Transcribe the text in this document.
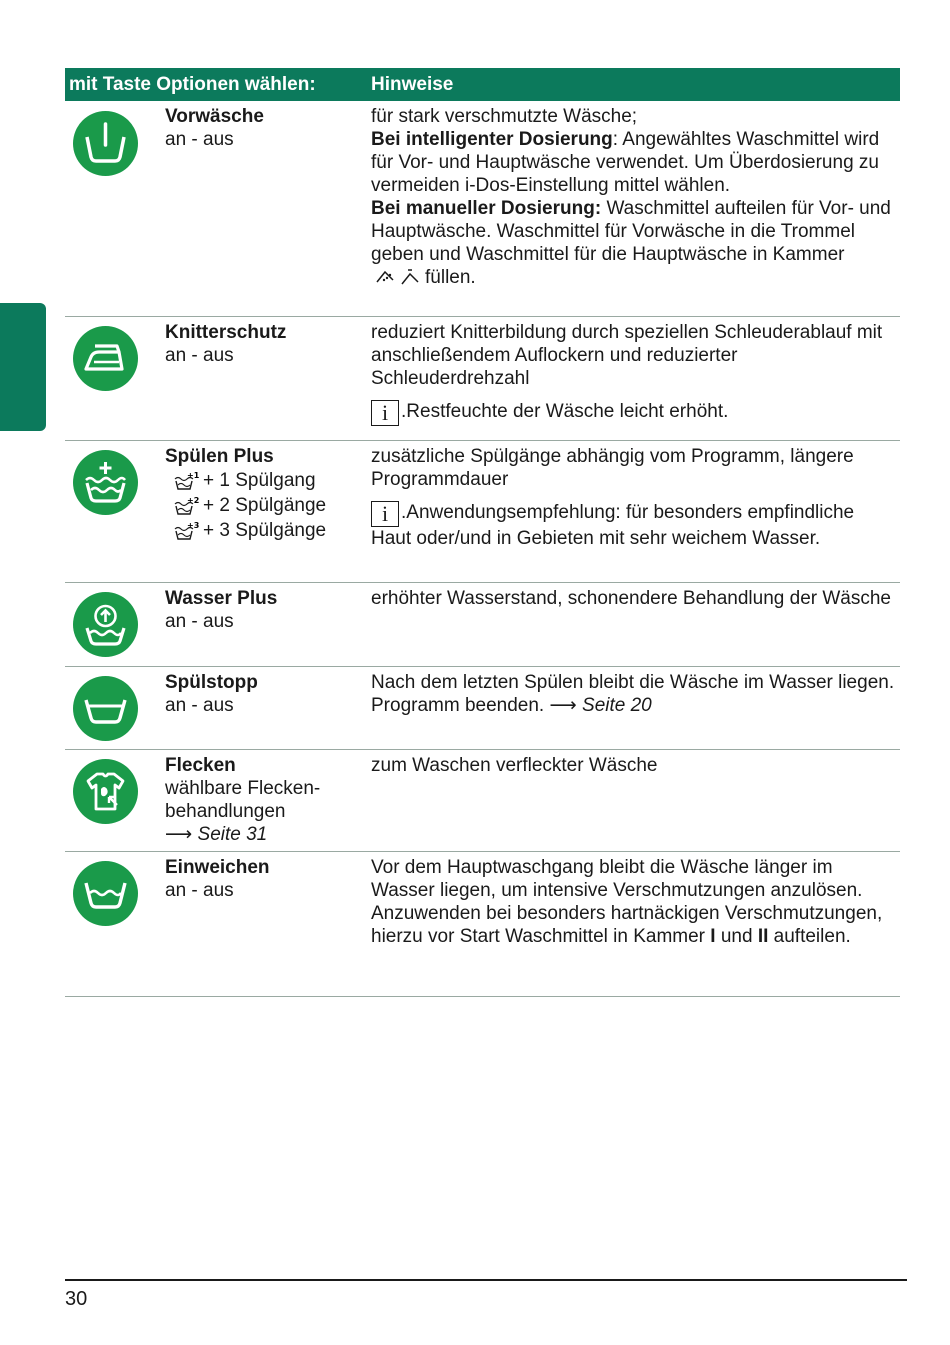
mit Taste Optionen wählen:	Hinweise
Vorwäsche
an - aus
für stark verschmutzte Wäsche;
Bei intelligenter Dosierung: Angewähltes Waschmittel wird für Vor- und Hauptwäsche verwendet. Um Überdosierung zu vermeiden i-Dos-Einstellung mittel wählen.
Bei manueller Dosierung: Waschmittel aufteilen für Vor- und Hauptwäsche. Waschmittel für Vorwäsche in die Trommel geben und Waschmittel für die Hauptwäsche in Kammerfüllen.
Knitterschutz
an - aus
reduziert Knitterbildung durch speziellen Schleuderablauf mit anschließendem Auflockern und reduzierter Schleuderdrehzahl
i .Restfeuchte der Wäsche leicht erhöht.
Spülen Plus
+1 + 1 Spülgang
+2 + 2 Spülgänge
+3 + 3 Spülgänge
zusätzliche Spülgänge abhängig vom Programm, längere Programmdauer
i .Anwendungsempfehlung: für besonders empfindliche Haut oder/und in Gebieten mit sehr weichem Wasser.
Wasser Plus
an - aus
erhöhter Wasserstand, schonendere Behandlung der Wäsche
Spülstopp
an - aus
Nach dem letzten Spülen bleibt die Wäsche im Wasser liegen. Programm beenden. ⟶ Seite 20
Flecken
wählbare Flecken-behandlungen
⟶ Seite 31
zum Waschen verfleckter Wäsche
Einweichen
an - aus
Vor dem Hauptwaschgang bleibt die Wäsche länger im Wasser liegen, um intensive Verschmutzungen anzulösen.
Anzuwenden bei besonders hartnäckigen Verschmutzungen, hierzu vor Start Waschmittel in Kammer I und II aufteilen.
30
